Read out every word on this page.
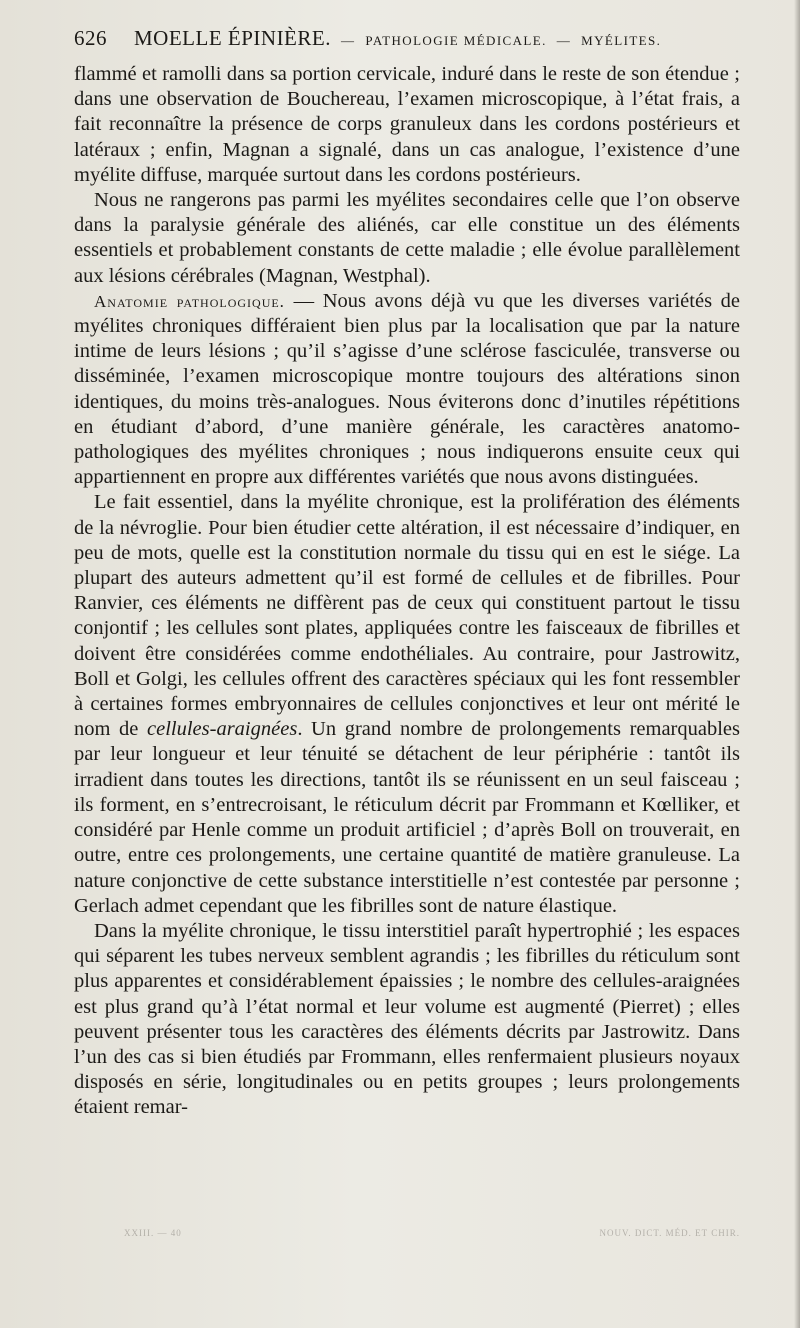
626	MOELLE ÉPINIÈRE. — PATHOLOGIE MÉDICALE. — MYÉLITES.

flammé et ramolli dans sa portion cervicale, induré dans le reste de son étendue ; dans une observation de Bouchereau, l’examen microscopique, à l’état frais, a fait reconnaître la présence de corps granuleux dans les cordons postérieurs et latéraux ; enfin, Magnan a signalé, dans un cas analogue, l’existence d’une myélite diffuse, marquée surtout dans les cordons postérieurs.

Nous ne rangerons pas parmi les myélites secondaires celle que l’on observe dans la paralysie générale des aliénés, car elle constitue un des éléments essentiels et probablement constants de cette maladie ; elle évolue parallèlement aux lésions cérébrales (Magnan, Westphal).

Anatomie pathologique. — Nous avons déjà vu que les diverses variétés de myélites chroniques différaient bien plus par la localisation que par la nature intime de leurs lésions ; qu’il s’agisse d’une sclérose fasciculée, transverse ou disséminée, l’examen microscopique montre toujours des altérations sinon identiques, du moins très-analogues. Nous éviterons donc d’inutiles répétitions en étudiant d’abord, d’une manière générale, les caractères anatomo-pathologiques des myélites chroniques ; nous indiquerons ensuite ceux qui appartiennent en propre aux différentes variétés que nous avons distinguées.

Le fait essentiel, dans la myélite chronique, est la prolifération des éléments de la névroglie. Pour bien étudier cette altération, il est nécessaire d’indiquer, en peu de mots, quelle est la constitution normale du tissu qui en est le siége. La plupart des auteurs admettent qu’il est formé de cellules et de fibrilles. Pour Ranvier, ces éléments ne diffèrent pas de ceux qui constituent partout le tissu conjontif ; les cellules sont plates, appliquées contre les faisceaux de fibrilles et doivent être considérées comme endothéliales. Au contraire, pour Jastrowitz, Boll et Golgi, les cellules offrent des caractères spéciaux qui les font ressembler à certaines formes embryonnaires de cellules conjonctives et leur ont mérité le nom de cellules-araignées. Un grand nombre de prolongements remarquables par leur longueur et leur ténuité se détachent de leur périphérie : tantôt ils irradient dans toutes les directions, tantôt ils se réunissent en un seul faisceau ; ils forment, en s’entrecroisant, le réticulum décrit par Frommann et Kœlliker, et considéré par Henle comme un produit artificiel ; d’après Boll on trouverait, en outre, entre ces prolongements, une certaine quantité de matière granuleuse. La nature conjonctive de cette substance interstitielle n’est contestée par personne ; Gerlach admet cependant que les fibrilles sont de nature élastique.

Dans la myélite chronique, le tissu interstitiel paraît hypertrophié ; les espaces qui séparent les tubes nerveux semblent agrandis ; les fibrilles du réticulum sont plus apparentes et considérablement épaissies ; le nombre des cellules-araignées est plus grand qu’à l’état normal et leur volume est augmenté (Pierret) ; elles peuvent présenter tous les caractères des éléments décrits par Jastrowitz. Dans l’un des cas si bien étudiés par Frommann, elles renfermaient plusieurs noyaux disposés en série, longitudinales ou en petits groupes ; leurs prolongements étaient remar-

XXIII. — 40	NOUV. DICT. MÉD. ET CHIR.
